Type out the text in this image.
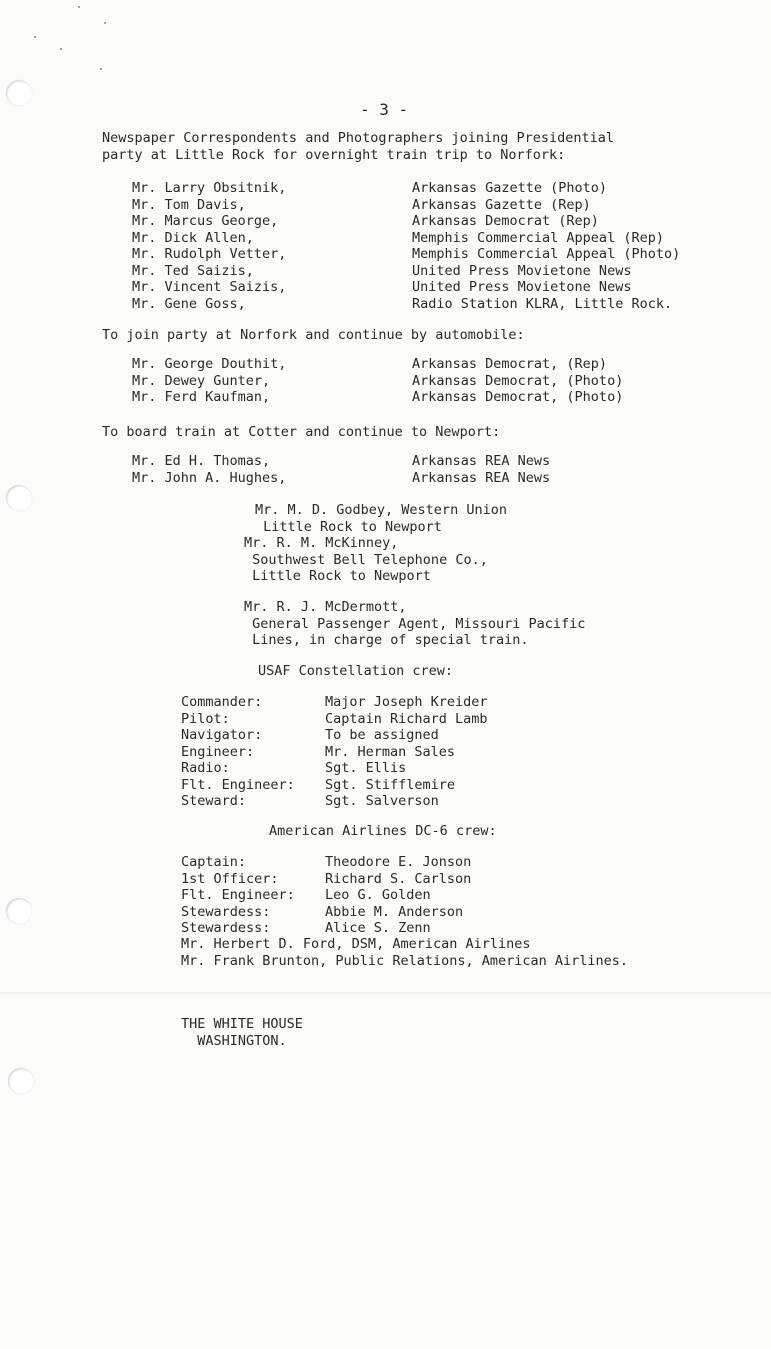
- 3 -
Newspaper Correspondents and Photographers joining Presidential
party at Little Rock for overnight train trip to Norfork:
Mr. Larry Obsitnik,	Arkansas Gazette (Photo)
Mr. Tom Davis,	Arkansas Gazette (Rep)
Mr. Marcus George,	Arkansas Democrat (Rep)
Mr. Dick Allen,	Memphis Commercial Appeal (Rep)
Mr. Rudolph Vetter,	Memphis Commercial Appeal (Photo)
Mr. Ted Saizis,	United Press Movietone News
Mr. Vincent Saizis,	United Press Movietone News
Mr. Gene Goss,	Radio Station KLRA, Little Rock.
To join party at Norfork and continue by automobile:
Mr. George Douthit,	Arkansas Democrat, (Rep)
Mr. Dewey Gunter,	Arkansas Democrat, (Photo)
Mr. Ferd Kaufman,	Arkansas Democrat, (Photo)
To board train at Cotter and continue to Newport:
Mr. Ed H. Thomas,	Arkansas REA News
Mr. John A. Hughes,	Arkansas REA News
Mr. M. D. Godbey, Western Union
Little Rock to Newport
Mr. R. M. McKinney,
Southwest Bell Telephone Co.,
Little Rock to Newport
Mr. R. J. McDermott,
General Passenger Agent, Missouri Pacific
Lines, in charge of special train.
USAF Constellation crew:
Commander:	Major Joseph Kreider
Pilot:	Captain Richard Lamb
Navigator:	To be assigned
Engineer:	Mr. Herman Sales
Radio:	Sgt. Ellis
Flt. Engineer: Sgt. Stifflemire
Steward:	Sgt. Salverson
American Airlines DC-6 crew:
Captain:	Theodore E. Jonson
1st Officer:	Richard S. Carlson
Flt. Engineer: Leo G. Golden
Stewardess:	Abbie M. Anderson
Stewardess:	Alice S. Zenn
Mr. Herbert D. Ford, DSM, American Airlines
Mr. Frank Brunton, Public Relations, American Airlines.
THE WHITE HOUSE
WASHINGTON.
